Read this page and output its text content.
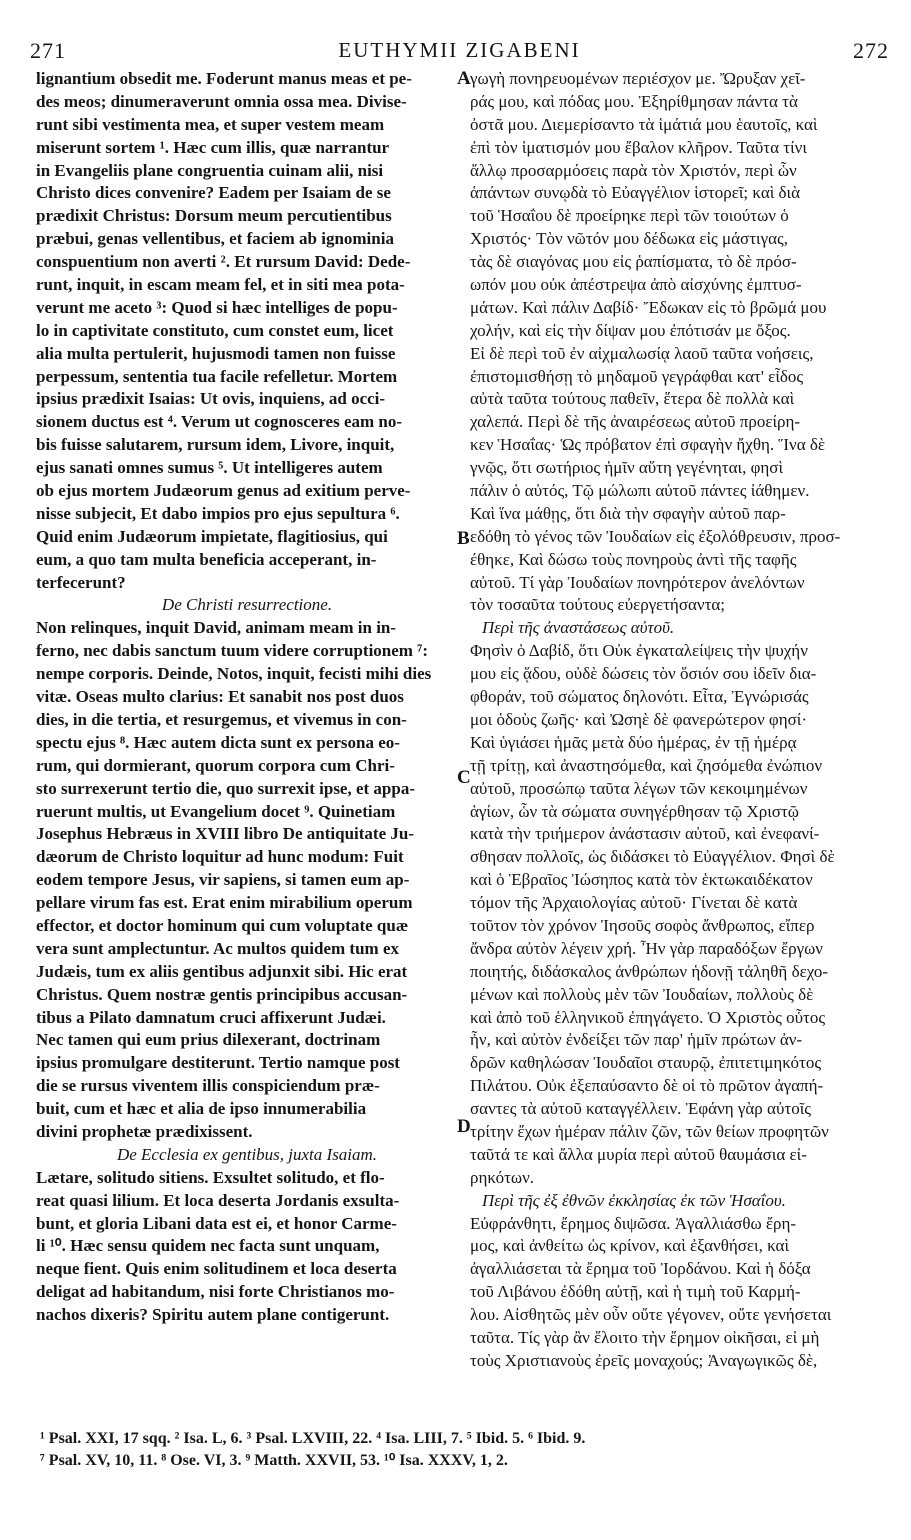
271	EUTHYMII ZIGABENI	272
A
B
C
D
lignantium obsedit me. Foderunt manus meas et pe-
des meos; dinumeraverunt omnia ossa mea. Divise-
runt sibi vestimenta mea, et super vestem meam
miserunt sortem ¹. Hæc cum illis, quæ narrantur
in Evangeliis plane congruentia cuinam alii, nisi
Christo dices convenire? Eadem per Isaiam de se
prædixit Christus: Dorsum meum percutientibus
præbui, genas vellentibus, et faciem ab ignominia
conspuentium non averti ². Et rursum David: Dede-
runt, inquit, in escam meam fel, et in siti mea pota-
verunt me aceto ³: Quod si hæc intelliges de popu-
lo in captivitate constituto, cum constet eum, licet
alia multa pertulerit, hujusmodi tamen non fuisse
perpessum, sententia tua facile refelletur. Mortem
ipsius prædixit Isaias: Ut ovis, inquiens, ad occi-
sionem ductus est ⁴. Verum ut cognosceres eam no-
bis fuisse salutarem, rursum idem, Livore, inquit,
ejus sanati omnes sumus ⁵. Ut intelligeres autem
ob ejus mortem Judæorum genus ad exitium perve-
nisse subjecit, Et dabo impios pro ejus sepultura ⁶.
Quid enim Judæorum impietate, flagitiosius, qui
eum, a quo tam multa beneficia acceperant, in-
terfecerunt?
De Christi resurrectione.
Non relinques, inquit David, animam meam in in-
ferno, nec dabis sanctum tuum videre corruptionem ⁷:
nempe corporis. Deinde, Notos, inquit, fecisti mihi dies
vitæ. Oseas multo clarius: Et sanabit nos post duos
dies, in die tertia, et resurgemus, et vivemus in con-
spectu ejus ⁸. Hæc autem dicta sunt ex persona eo-
rum, qui dormierant, quorum corpora cum Chri-
sto surrexerunt tertio die, quo surrexit ipse, et appa-
ruerunt multis, ut Evangelium docet ⁹. Quinetiam
Josephus Hebræus in XVIII libro De antiquitate Ju-
dæorum de Christo loquitur ad hunc modum: Fuit
eodem tempore Jesus, vir sapiens, si tamen eum ap-
pellare virum fas est. Erat enim mirabilium operum
effector, et doctor hominum qui cum voluptate quæ
vera sunt amplectuntur. Ac multos quidem tum ex
Judæis, tum ex aliis gentibus adjunxit sibi. Hic erat
Christus. Quem nostræ gentis principibus accusan-
tibus a Pilato damnatum cruci affixerunt Judæi.
Nec tamen qui eum prius dilexerant, doctrinam
ipsius promulgare destiterunt. Tertio namque post
die se rursus viventem illis conspiciendum præ-
buit, cum et hæc et alia de ipso innumerabilia
divini prophetæ prædixissent.
De Ecclesia ex gentibus, juxta Isaiam.
Lætare, solitudo sitiens. Exsultet solitudo, et flo-
reat quasi lilium. Et loca deserta Jordanis exsulta-
bunt, et gloria Libani data est ei, et honor Carme-
li ¹⁰. Hæc sensu quidem nec facta sunt unquam,
neque fient. Quis enim solitudinem et loca deserta
deligat ad habitandum, nisi forte Christianos mo-
nachos dixeris? Spiritu autem plane contigerunt.
γωγὴ πονηρευομένων περιέσχον με. Ὤρυξαν χεῖ-
ράς μου, καὶ πόδας μου. Ἐξηρίθμησαν πάντα τὰ
ὀστᾶ μου. Διεμερίσαντο τὰ ἱμάτιά μου ἑαυτοῖς, καὶ
ἐπὶ τὸν ἱματισμόν μου ἔβαλον κλῆρον. Ταῦτα τίνι
ἄλλῳ προσαρμόσεις παρὰ τὸν Χριστόν, περὶ ὧν
ἁπάντων συνῳδὰ τὸ Εὐαγγέλιον ἱστορεῖ; καὶ διὰ
τοῦ Ἡσαΐου δὲ προείρηκε περὶ τῶν τοιούτων ὁ
Χριστός· Τὸν νῶτόν μου δέδωκα εἰς μάστιγας,
τὰς δὲ σιαγόνας μου εἰς ῥαπίσματα, τὸ δὲ πρόσ-
ωπόν μου οὐκ ἀπέστρεψα ἀπὸ αἰσχύνης ἐμπτυσ-
μάτων. Καὶ πάλιν Δαβίδ· Ἔδωκαν εἰς τὸ βρῶμά μου
χολήν, καὶ εἰς τὴν δίψαν μου ἐπότισάν με ὄξος.
Εἰ δὲ περὶ τοῦ ἐν αἰχμαλωσίᾳ λαοῦ ταῦτα νοήσεις,
ἐπιστομισθήσῃ τὸ μηδαμοῦ γεγράφθαι κατ' εἶδος
αὐτὰ ταῦτα τούτους παθεῖν, ἕτερα δὲ πολλὰ καὶ
χαλεπά. Περὶ δὲ τῆς ἀναιρέσεως αὐτοῦ προείρη-
κεν Ἡσαΐας· Ὡς πρόβατον ἐπὶ σφαγὴν ἤχθη. Ἵνα δὲ
γνῷς, ὅτι σωτήριος ἡμῖν αὕτη γεγένηται, φησὶ
πάλιν ὁ αὐτός, Τῷ μώλωπι αὐτοῦ πάντες ἰάθημεν.
Καὶ ἵνα μάθῃς, ὅτι διὰ τὴν σφαγὴν αὐτοῦ παρ-
εδόθη τὸ γένος τῶν Ἰουδαίων εἰς ἐξολόθρευσιν, προσ-
έθηκε, Καὶ δώσω τοὺς πονηροὺς ἀντὶ τῆς ταφῆς
αὐτοῦ. Τί γὰρ Ἰουδαίων πονηρότερον ἀνελόντων
τὸν τοσαῦτα τούτους εὐεργετήσαντα;
Περὶ τῆς ἀναστάσεως αὐτοῦ.
Φησὶν ὁ Δαβίδ, ὅτι Οὐκ ἐγκαταλείψεις τὴν ψυχήν
μου εἰς ᾅδου, οὐδὲ δώσεις τὸν ὅσιόν σου ἰδεῖν δια-
φθοράν, τοῦ σώματος δηλονότι. Εἶτα, Ἐγνώρισάς
μοι ὁδοὺς ζωῆς· καὶ Ὠσηὲ δὲ φανερώτερον φησί·
Καὶ ὑγιάσει ἡμᾶς μετὰ δύο ἡμέρας, ἐν τῇ ἡμέρᾳ
τῇ τρίτῃ, καὶ ἀναστησόμεθα, καὶ ζησόμεθα ἐνώπιον
αὐτοῦ, προσώπῳ ταῦτα λέγων τῶν κεκοιμημένων
ἁγίων, ὧν τὰ σώματα συνηγέρθησαν τῷ Χριστῷ
κατὰ τὴν τριήμερον ἀνάστασιν αὐτοῦ, καὶ ἐνεφανί-
σθησαν πολλοῖς, ὡς διδάσκει τὸ Εὐαγγέλιον. Φησὶ δὲ
καὶ ὁ Ἑβραῖος Ἰώσηπος κατὰ τὸν ἑκτωκαιδέκατον
τόμον τῆς Ἀρχαιολογίας αὐτοῦ· Γίνεται δὲ κατὰ
τοῦτον τὸν χρόνον Ἰησοῦς σοφὸς ἄνθρωπος, εἴπερ
ἄνδρα αὐτὸν λέγειν χρή. Ἦν γὰρ παραδόξων ἔργων
ποιητής, διδάσκαλος ἀνθρώπων ἡδονῇ τἀληθῆ δεχο-
μένων καὶ πολλοὺς μὲν τῶν Ἰουδαίων, πολλοὺς δὲ
καὶ ἀπὸ τοῦ ἑλληνικοῦ ἐπηγάγετο. Ὁ Χριστὸς οὗτος
ἦν, καὶ αὐτὸν ἐνδείξει τῶν παρ' ἡμῖν πρώτων ἀν-
δρῶν καθηλώσαν Ἰουδαῖοι σταυρῷ, ἐπιτετιμηκότος
Πιλάτου. Οὐκ ἐξεπαύσαντο δὲ οἱ τὸ πρῶτον ἀγαπή-
σαντες τὰ αὐτοῦ καταγγέλλειν. Ἐφάνη γὰρ αὐτοῖς
τρίτην ἔχων ἡμέραν πάλιν ζῶν, τῶν θείων προφητῶν
ταῦτά τε καὶ ἄλλα μυρία περὶ αὐτοῦ θαυμάσια εἰ-
ρηκότων.
Περὶ τῆς ἐξ ἐθνῶν ἐκκλησίας ἐκ τῶν Ἡσαΐου.
Εὐφράνθητι, ἔρημος διψῶσα. Ἀγαλλιάσθω ἔρη-
μος, καὶ ἀνθείτω ὡς κρίνον, καὶ ἐξανθήσει, καὶ
ἀγαλλιάσεται τὰ ἔρημα τοῦ Ἰορδάνου. Καὶ ἡ δόξα
τοῦ Λιβάνου ἐδόθη αὐτῇ, καὶ ἡ τιμὴ τοῦ Καρμή-
λου. Αἰσθητῶς μὲν οὖν οὔτε γέγονεν, οὔτε γενήσεται
ταῦτα. Τίς γὰρ ἂν ἕλοιτο τὴν ἔρημον οἰκῆσαι, εἰ μὴ
τοὺς Χριστιανοὺς ἐρεῖς μοναχούς; Ἀναγωγικῶς δὲ,
¹ Psal. XXI, 17 sqq. ² Isa. L, 6. ³ Psal. LXVIII, 22. ⁴ Isa. LIII, 7. ⁵ Ibid. 5. ⁶ Ibid. 9.
⁷ Psal. XV, 10, 11. ⁸ Ose. VI, 3. ⁹ Matth. XXVII, 53. ¹⁰ Isa. XXXV, 1, 2.
